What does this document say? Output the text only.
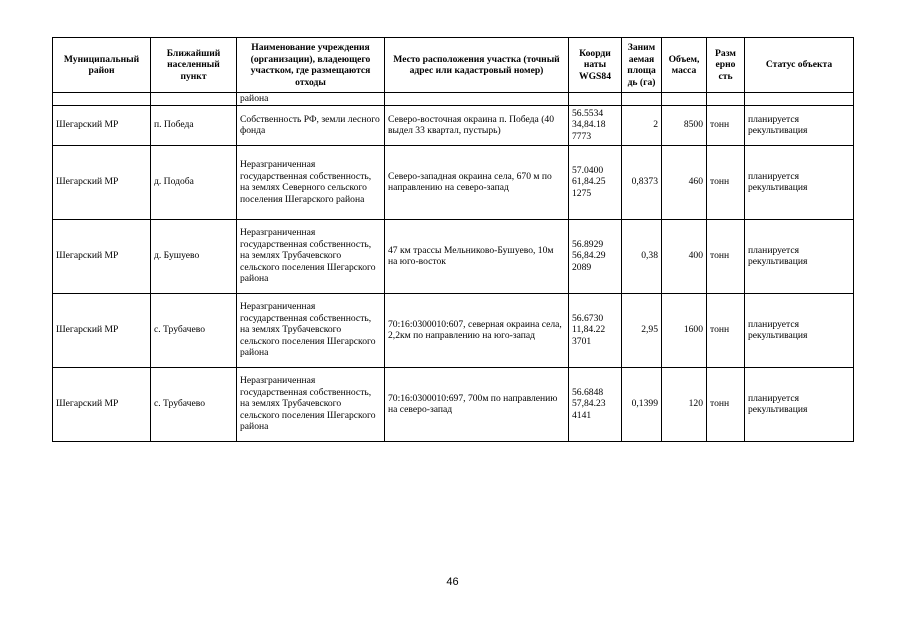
Муниципальный район	Ближайший населенный пункт	Наименование учреждения (организации), владеющего участком, где размещаются отходы	Место расположения участка (точный адрес или кадастровый номер)	Коорди наты WGS84	Заним аемая площа дь (га)	Объем, масса	Разм ерно сть	Статус объекта
		района						
Шегарский МР	п. Победа	Собственность РФ, земли лесного фонда	Северо-восточная окраина п. Победа (40 выдел 33 квартал, пустырь)	56.5534 34,84.18 7773	2	8500	тонн	планируется рекультивация
Шегарский МР	д. Подоба	Неразграниченная государственная собственность, на землях Северного сельского поселения Шегарского района	Северо-западная окраина села, 670 м по направлению на северо-запад	57.0400 61,84.25 1275	0,8373	460	тонн	планируется рекультивация
Шегарский МР	д. Бушуево	Неразграниченная государственная собственность, на землях Трубачевского сельского поселения Шегарского района	47 км трассы Мельниково-Бушуево, 10м на юго-восток	56.8929 56,84.29 2089	0,38	400	тонн	планируется рекультивация
Шегарский МР	с. Трубачево	Неразграниченная государственная собственность, на землях Трубачевского сельского поселения Шегарского района	70:16:0300010:607, северная окраина села, 2,2км по направлению на юго-запад	56.6730 11,84.22 3701	2,95	1600	тонн	планируется рекультивация
Шегарский МР	с. Трубачево	Неразграниченная государственная собственность, на землях Трубачевского сельского поселения Шегарского района	70:16:0300010:697, 700м по направлению на северо-запад	56.6848 57,84.23 4141	0,1399	120	тонн	планируется рекультивация
46
